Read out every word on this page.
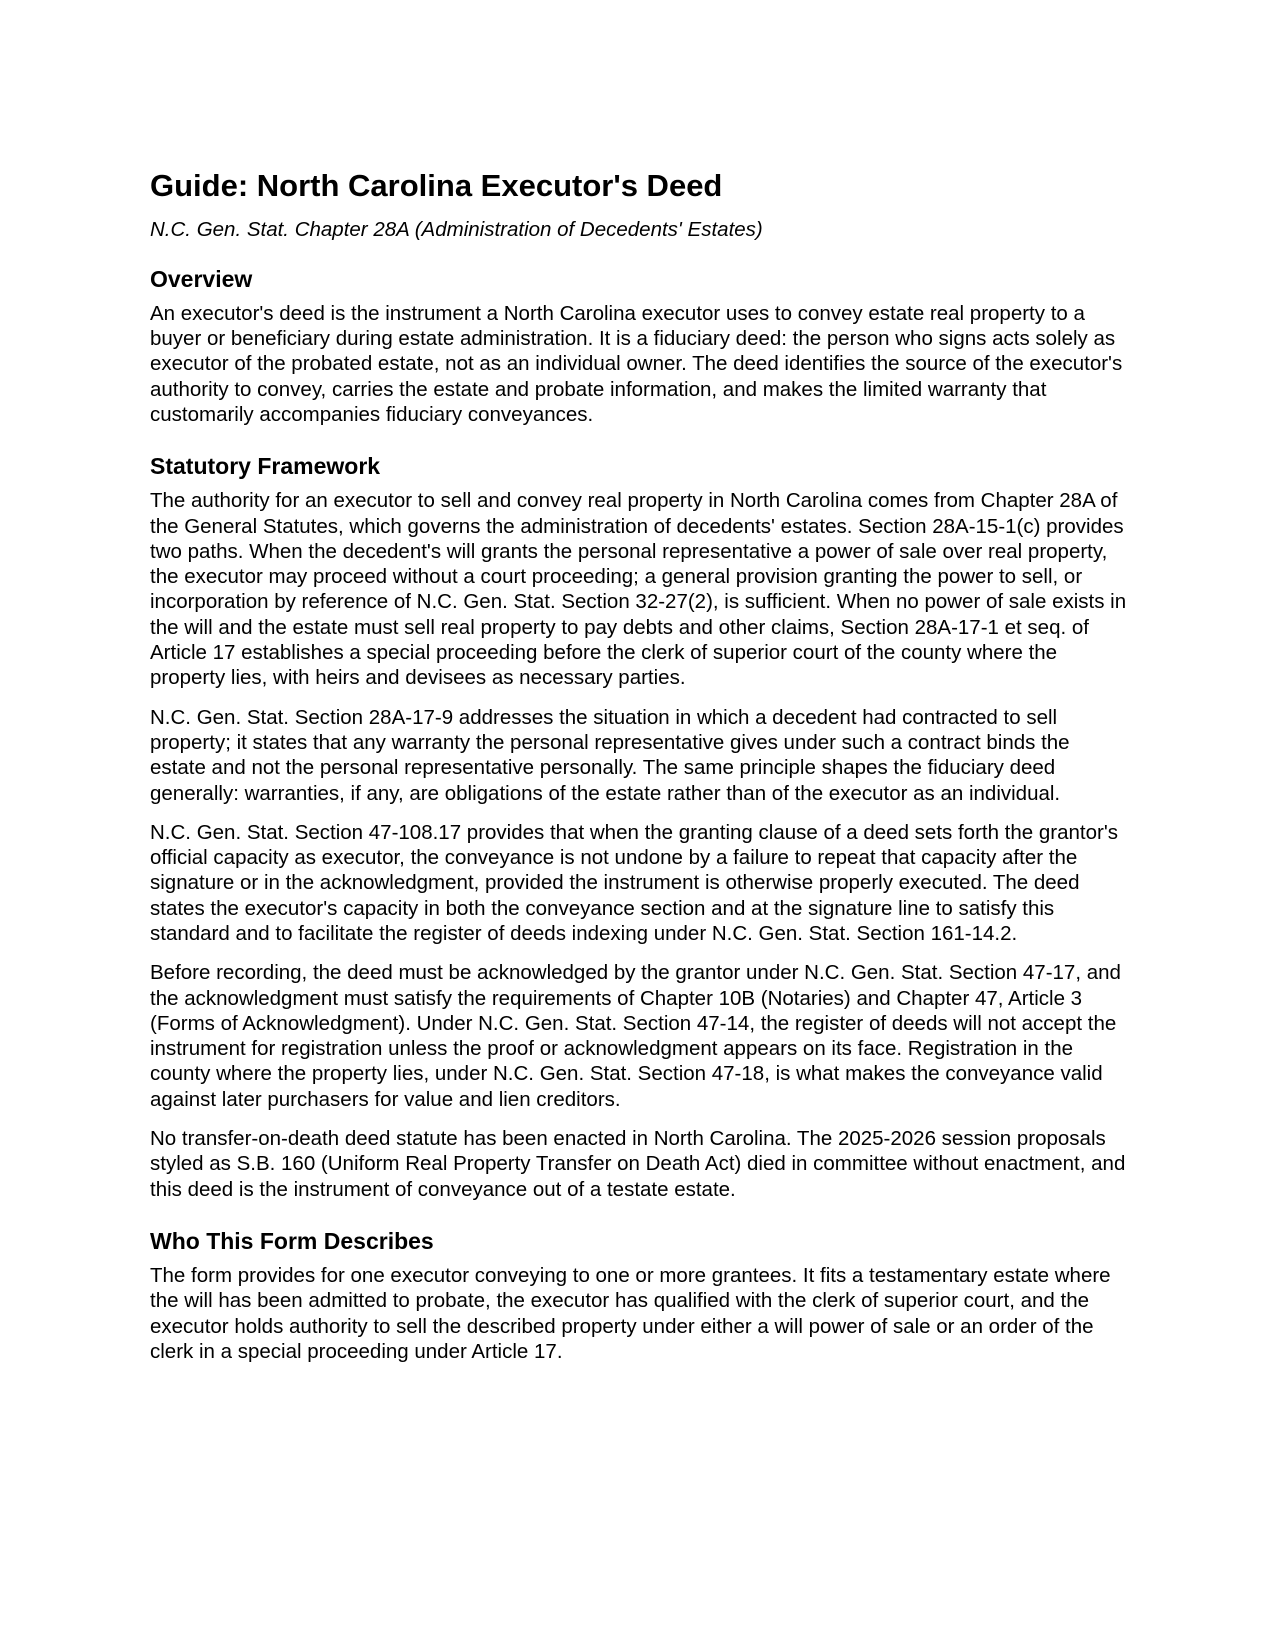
Guide: North Carolina Executor's Deed

N.C. Gen. Stat. Chapter 28A (Administration of Decedents' Estates)

Overview

An executor's deed is the instrument a North Carolina executor uses to convey estate real property to a buyer or beneficiary during estate administration. It is a fiduciary deed: the person who signs acts solely as executor of the probated estate, not as an individual owner. The deed identifies the source of the executor's authority to convey, carries the estate and probate information, and makes the limited warranty that customarily accompanies fiduciary conveyances.

Statutory Framework

The authority for an executor to sell and convey real property in North Carolina comes from Chapter 28A of the General Statutes, which governs the administration of decedents' estates. Section 28A-15-1(c) provides two paths. When the decedent's will grants the personal representative a power of sale over real property, the executor may proceed without a court proceeding; a general provision granting the power to sell, or incorporation by reference of N.C. Gen. Stat. Section 32-27(2), is sufficient. When no power of sale exists in the will and the estate must sell real property to pay debts and other claims, Section 28A-17-1 et seq. of Article 17 establishes a special proceeding before the clerk of superior court of the county where the property lies, with heirs and devisees as necessary parties.

N.C. Gen. Stat. Section 28A-17-9 addresses the situation in which a decedent had contracted to sell property; it states that any warranty the personal representative gives under such a contract binds the estate and not the personal representative personally. The same principle shapes the fiduciary deed generally: warranties, if any, are obligations of the estate rather than of the executor as an individual.

N.C. Gen. Stat. Section 47-108.17 provides that when the granting clause of a deed sets forth the grantor's official capacity as executor, the conveyance is not undone by a failure to repeat that capacity after the signature or in the acknowledgment, provided the instrument is otherwise properly executed. The deed states the executor's capacity in both the conveyance section and at the signature line to satisfy this standard and to facilitate the register of deeds indexing under N.C. Gen. Stat. Section 161-14.2.

Before recording, the deed must be acknowledged by the grantor under N.C. Gen. Stat. Section 47-17, and the acknowledgment must satisfy the requirements of Chapter 10B (Notaries) and Chapter 47, Article 3 (Forms of Acknowledgment). Under N.C. Gen. Stat. Section 47-14, the register of deeds will not accept the instrument for registration unless the proof or acknowledgment appears on its face. Registration in the county where the property lies, under N.C. Gen. Stat. Section 47-18, is what makes the conveyance valid against later purchasers for value and lien creditors.

No transfer-on-death deed statute has been enacted in North Carolina. The 2025-2026 session proposals styled as S.B. 160 (Uniform Real Property Transfer on Death Act) died in committee without enactment, and this deed is the instrument of conveyance out of a testate estate.

Who This Form Describes

The form provides for one executor conveying to one or more grantees. It fits a testamentary estate where the will has been admitted to probate, the executor has qualified with the clerk of superior court, and the executor holds authority to sell the described property under either a will power of sale or an order of the clerk in a special proceeding under Article 17.
